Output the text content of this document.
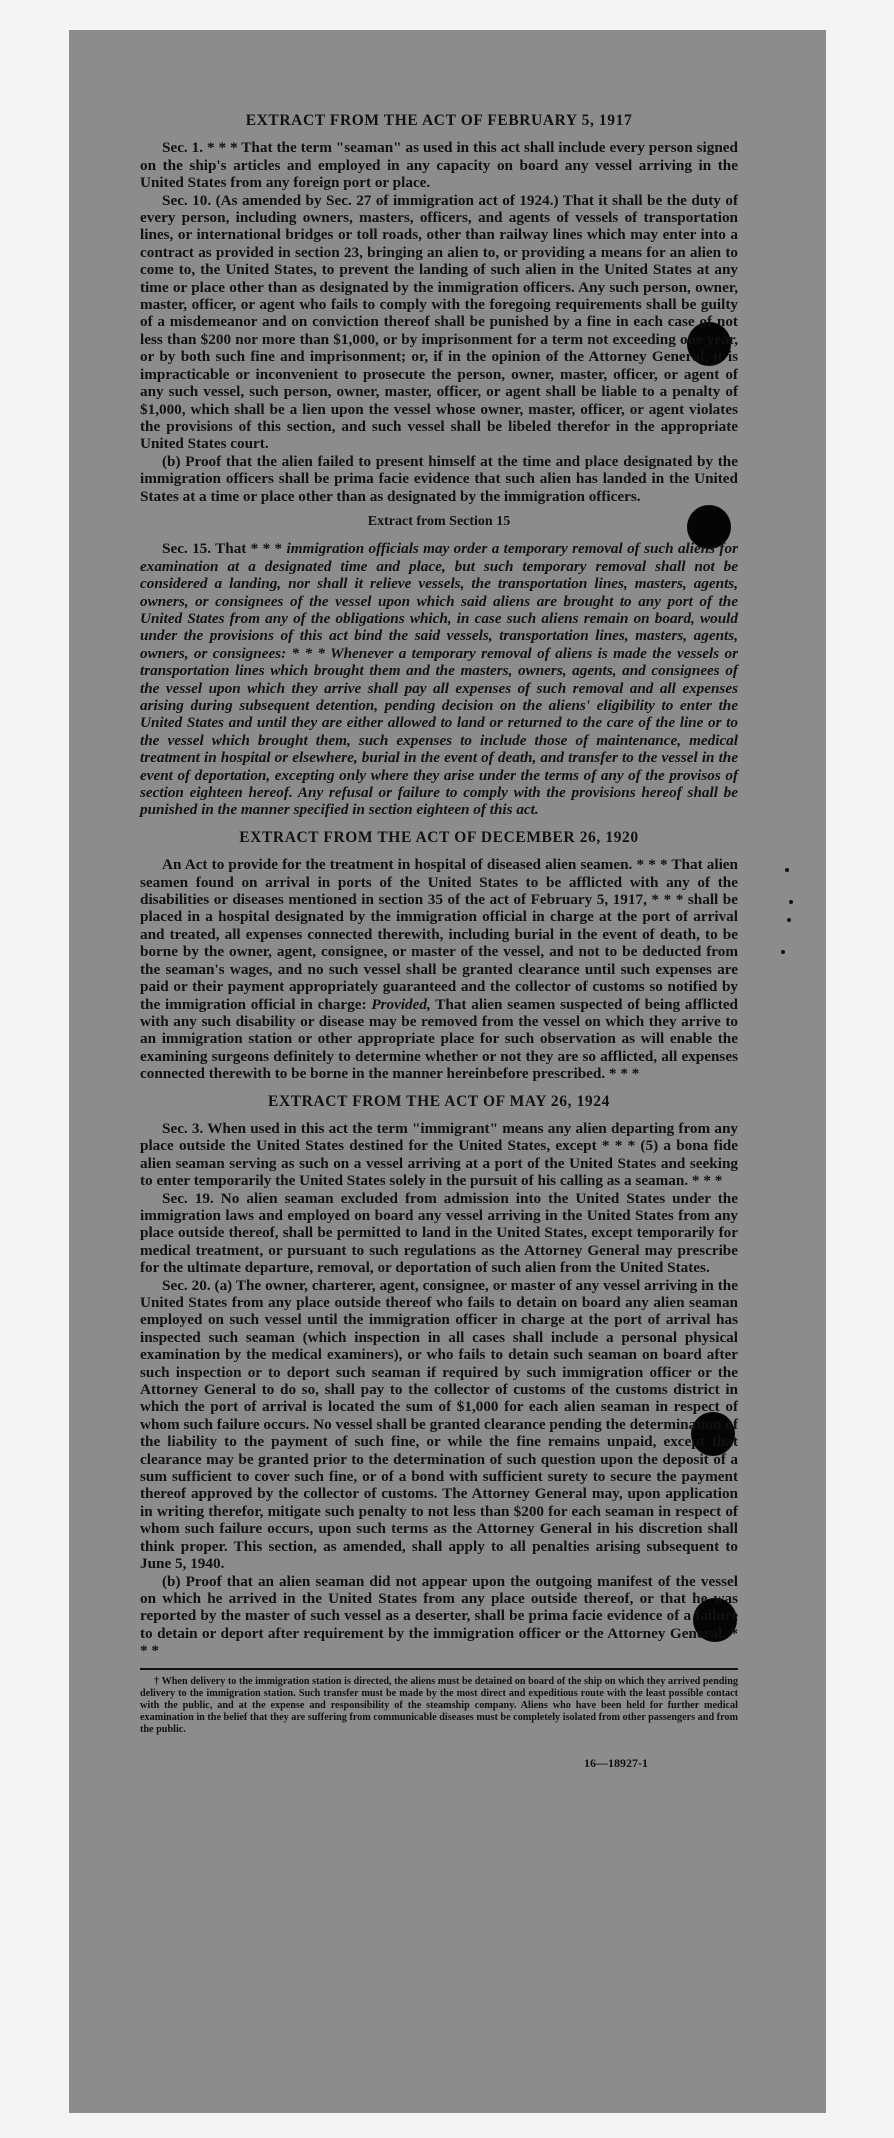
EXTRACT FROM THE ACT OF FEBRUARY 5, 1917

Sec. 1. * * * That the term "seaman" as used in this act shall include every person signed on the ship's articles and employed in any capacity on board any vessel arriving in the United States from any foreign port or place.

Sec. 10. (As amended by Sec. 27 of immigration act of 1924.) That it shall be the duty of every person, including owners, masters, officers, and agents of vessels of transportation lines, or international bridges or toll roads, other than railway lines which may enter into a contract as provided in section 23, bringing an alien to, or providing a means for an alien to come to, the United States, to prevent the landing of such alien in the United States at any time or place other than as designated by the immigration officers. Any such person, owner, master, officer, or agent who fails to comply with the foregoing requirements shall be guilty of a misdemeanor and on conviction thereof shall be punished by a fine in each case of not less than $200 nor more than $1,000, or by imprisonment for a term not exceeding one year, or by both such fine and imprisonment; or, if in the opinion of the Attorney General, it is impracticable or inconvenient to prosecute the person, owner, master, officer, or agent of any such vessel, such person, owner, master, officer, or agent shall be liable to a penalty of $1,000, which shall be a lien upon the vessel whose owner, master, officer, or agent violates the provisions of this section, and such vessel shall be libeled therefor in the appropriate United States court.

(b) Proof that the alien failed to present himself at the time and place designated by the immigration officers shall be prima facie evidence that such alien has landed in the United States at a time or place other than as designated by the immigration officers.

Extract from Section 15

Sec. 15. That * * * immigration officials may order a temporary removal of such aliens for examination at a designated time and place, but such temporary removal shall not be considered a landing, nor shall it relieve vessels, the transportation lines, masters, agents, owners, or consignees of the vessel upon which said aliens are brought to any port of the United States from any of the obligations which, in case such aliens remain on board, would under the provisions of this act bind the said vessels, transportation lines, masters, agents, owners, or consignees: * * * Whenever a temporary removal of aliens is made the vessels or transportation lines which brought them and the masters, owners, agents, and consignees of the vessel upon which they arrive shall pay all expenses of such removal and all expenses arising during subsequent detention, pending decision on the aliens' eligibility to enter the United States and until they are either allowed to land or returned to the care of the line or to the vessel which brought them, such expenses to include those of maintenance, medical treatment in hospital or elsewhere, burial in the event of death, and transfer to the vessel in the event of deportation, excepting only where they arise under the terms of any of the provisos of section eighteen hereof. Any refusal or failure to comply with the provisions hereof shall be punished in the manner specified in section eighteen of this act.

EXTRACT FROM THE ACT OF DECEMBER 26, 1920

An Act to provide for the treatment in hospital of diseased alien seamen. * * * That alien seamen found on arrival in ports of the United States to be afflicted with any of the disabilities or diseases mentioned in section 35 of the act of February 5, 1917, * * * shall be placed in a hospital designated by the immigration official in charge at the port of arrival and treated, all expenses connected therewith, including burial in the event of death, to be borne by the owner, agent, consignee, or master of the vessel, and not to be deducted from the seaman's wages, and no such vessel shall be granted clearance until such expenses are paid or their payment appropriately guaranteed and the collector of customs so notified by the immigration official in charge: Provided, That alien seamen suspected of being afflicted with any such disability or disease may be removed from the vessel on which they arrive to an immigration station or other appropriate place for such observation as will enable the examining surgeons definitely to determine whether or not they are so afflicted, all expenses connected therewith to be borne in the manner hereinbefore prescribed. * * *

EXTRACT FROM THE ACT OF MAY 26, 1924

Sec. 3. When used in this act the term "immigrant" means any alien departing from any place outside the United States destined for the United States, except * * * (5) a bona fide alien seaman serving as such on a vessel arriving at a port of the United States and seeking to enter temporarily the United States solely in the pursuit of his calling as a seaman. * * *

Sec. 19. No alien seaman excluded from admission into the United States under the immigration laws and employed on board any vessel arriving in the United States from any place outside thereof, shall be permitted to land in the United States, except temporarily for medical treatment, or pursuant to such regulations as the Attorney General may prescribe for the ultimate departure, removal, or deportation of such alien from the United States.

Sec. 20. (a) The owner, charterer, agent, consignee, or master of any vessel arriving in the United States from any place outside thereof who fails to detain on board any alien seaman employed on such vessel until the immigration officer in charge at the port of arrival has inspected such seaman (which inspection in all cases shall include a personal physical examination by the medical examiners), or who fails to detain such seaman on board after such inspection or to deport such seaman if required by such immigration officer or the Attorney General to do so, shall pay to the collector of customs of the customs district in which the port of arrival is located the sum of $1,000 for each alien seaman in respect of whom such failure occurs. No vessel shall be granted clearance pending the determination of the liability to the payment of such fine, or while the fine remains unpaid, except that clearance may be granted prior to the determination of such question upon the deposit of a sum sufficient to cover such fine, or of a bond with sufficient surety to secure the payment thereof approved by the collector of customs. The Attorney General may, upon application in writing therefor, mitigate such penalty to not less than $200 for each seaman in respect of whom such failure occurs, upon such terms as the Attorney General in his discretion shall think proper. This section, as amended, shall apply to all penalties arising subsequent to June 5, 1940.

(b) Proof that an alien seaman did not appear upon the outgoing manifest of the vessel on which he arrived in the United States from any place outside thereof, or that he was reported by the master of such vessel as a deserter, shall be prima facie evidence of a failure to detain or deport after requirement by the immigration officer or the Attorney General. * * *

† When delivery to the immigration station is directed, the aliens must be detained on board of the ship on which they arrived pending delivery to the immigration station. Such transfer must be made by the most direct and expeditious route with the least possible contact with the public, and at the expense and responsibility of the steamship company. Aliens who have been held for further medical examination in the belief that they are suffering from communicable diseases must be completely isolated from other passengers and from the public.

16—18927-1
